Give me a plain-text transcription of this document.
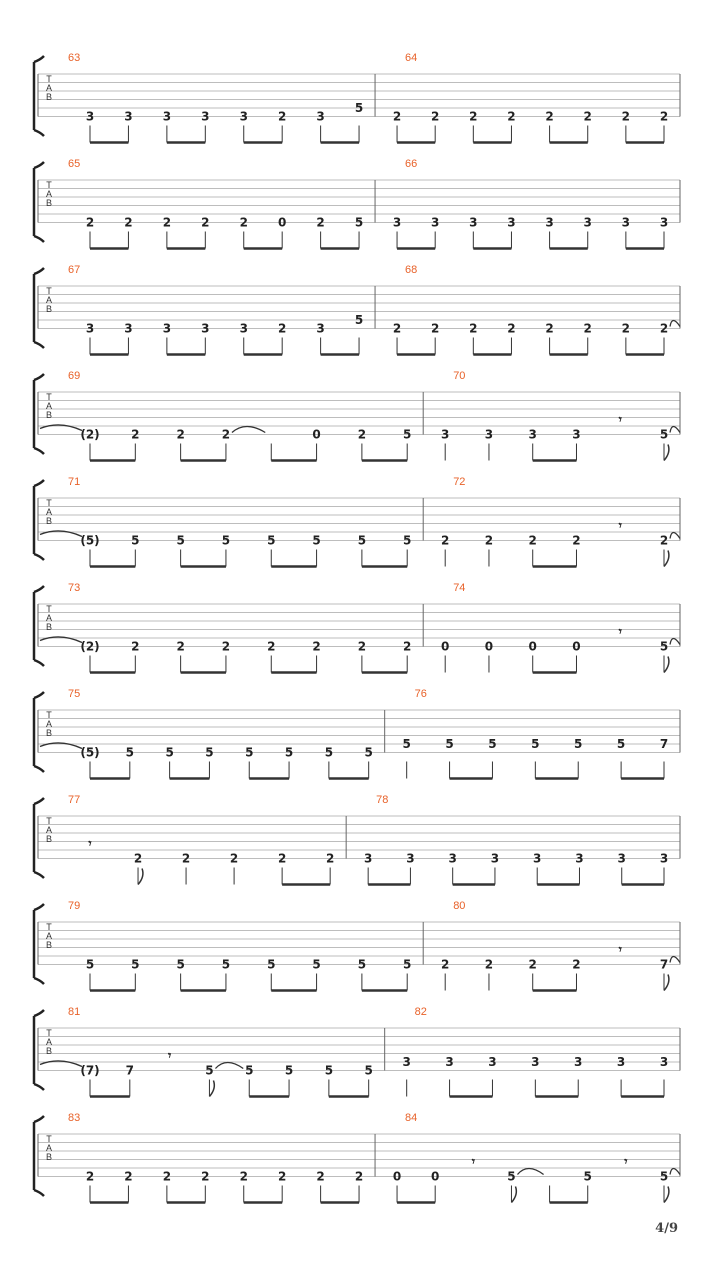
T
A
B
63
3	3	3	3	3	2	3
5
64
2 2 2 2 2 2 2 2
T
A
B
65
2	2	2	2	2	0	2	5
66
3 3 3 3 3 3 3 3
T
A
B
67
3	3	3	3	3	2	3
5
68
2 2 2 2 2 2 2 2
T
A
B
69
(2)	2	2	2	0	2	5
70
3	3	3	3
𝄾
5
T
A
B
71
(5)	5	5	5	5	5	5	5
72
2	2	2	2
𝄾
2
T
A
B
73
(2)	2	2	2	2	2	2	2
74
0	0	0	0
𝄾
5
T
A
B
75
(5) 5	5	5	5	5	5	5
76
5	5	5	5	5	5	7
T
A
B
77
𝄾
2	2	2	2	2
78
3	3	3	3	3	3	3	3
T
A
B
79
5	5	5	5	5	5	5	5
80
2	2	2	2
𝄾
7
T
A
B
81
(7) 7
𝄾
5	5	5	5	5
82
3	3	3	3	3	3	3
T
A
B
83
2	2	2	2	2	2	2	2
84
0 0
𝄾
5	5
𝄾
5
4/9
